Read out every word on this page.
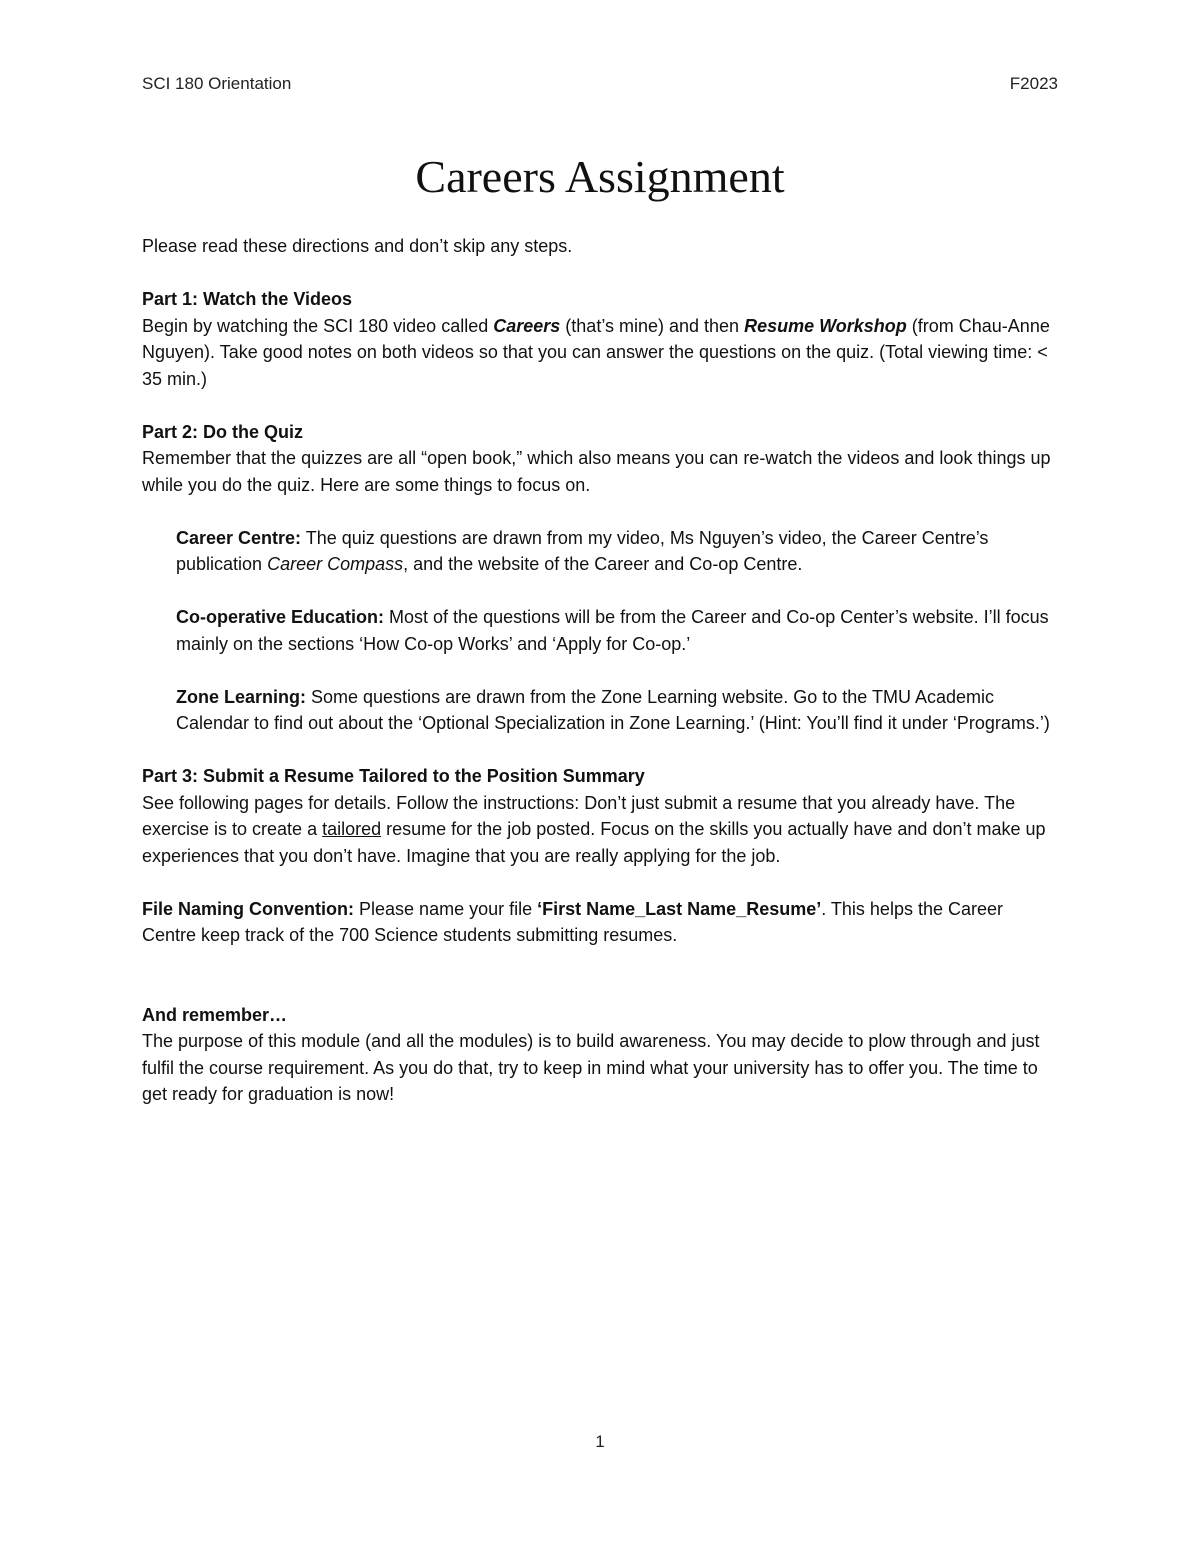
SCI 180 Orientation	F2023
Careers Assignment

Please read these directions and don’t skip any steps.

Part 1: Watch the Videos

Begin by watching the SCI 180 video called Careers (that’s mine) and then Resume Workshop (from Chau-Anne Nguyen). Take good notes on both videos so that you can answer the questions on the quiz. (Total viewing time: < 35 min.)

Part 2: Do the Quiz

Remember that the quizzes are all “open book,” which also means you can re-watch the videos and look things up while you do the quiz. Here are some things to focus on.

Career Centre: The quiz questions are drawn from my video, Ms Nguyen’s video, the Career Centre’s publication Career Compass, and the website of the Career and Co-op Centre.

Co-operative Education: Most of the questions will be from the Career and Co-op Center’s website. I’ll focus mainly on the sections ‘How Co-op Works’ and ‘Apply for Co-op.’

Zone Learning: Some questions are drawn from the Zone Learning website. Go to the TMU Academic Calendar to find out about the ‘Optional Specialization in Zone Learning.’ (Hint: You’ll find it under ‘Programs.’)

Part 3: Submit a Resume Tailored to the Position Summary

See following pages for details. Follow the instructions: Don’t just submit a resume that you already have. The exercise is to create a tailored resume for the job posted. Focus on the skills you actually have and don’t make up experiences that you don’t have. Imagine that you are really applying for the job.

File Naming Convention: Please name your file ‘First Name_Last Name_Resume’. This helps the Career Centre keep track of the 700 Science students submitting resumes.

And remember…

The purpose of this module (and all the modules) is to build awareness. You may decide to plow through and just fulfil the course requirement. As you do that, try to keep in mind what your university has to offer you. The time to get ready for graduation is now!

1
